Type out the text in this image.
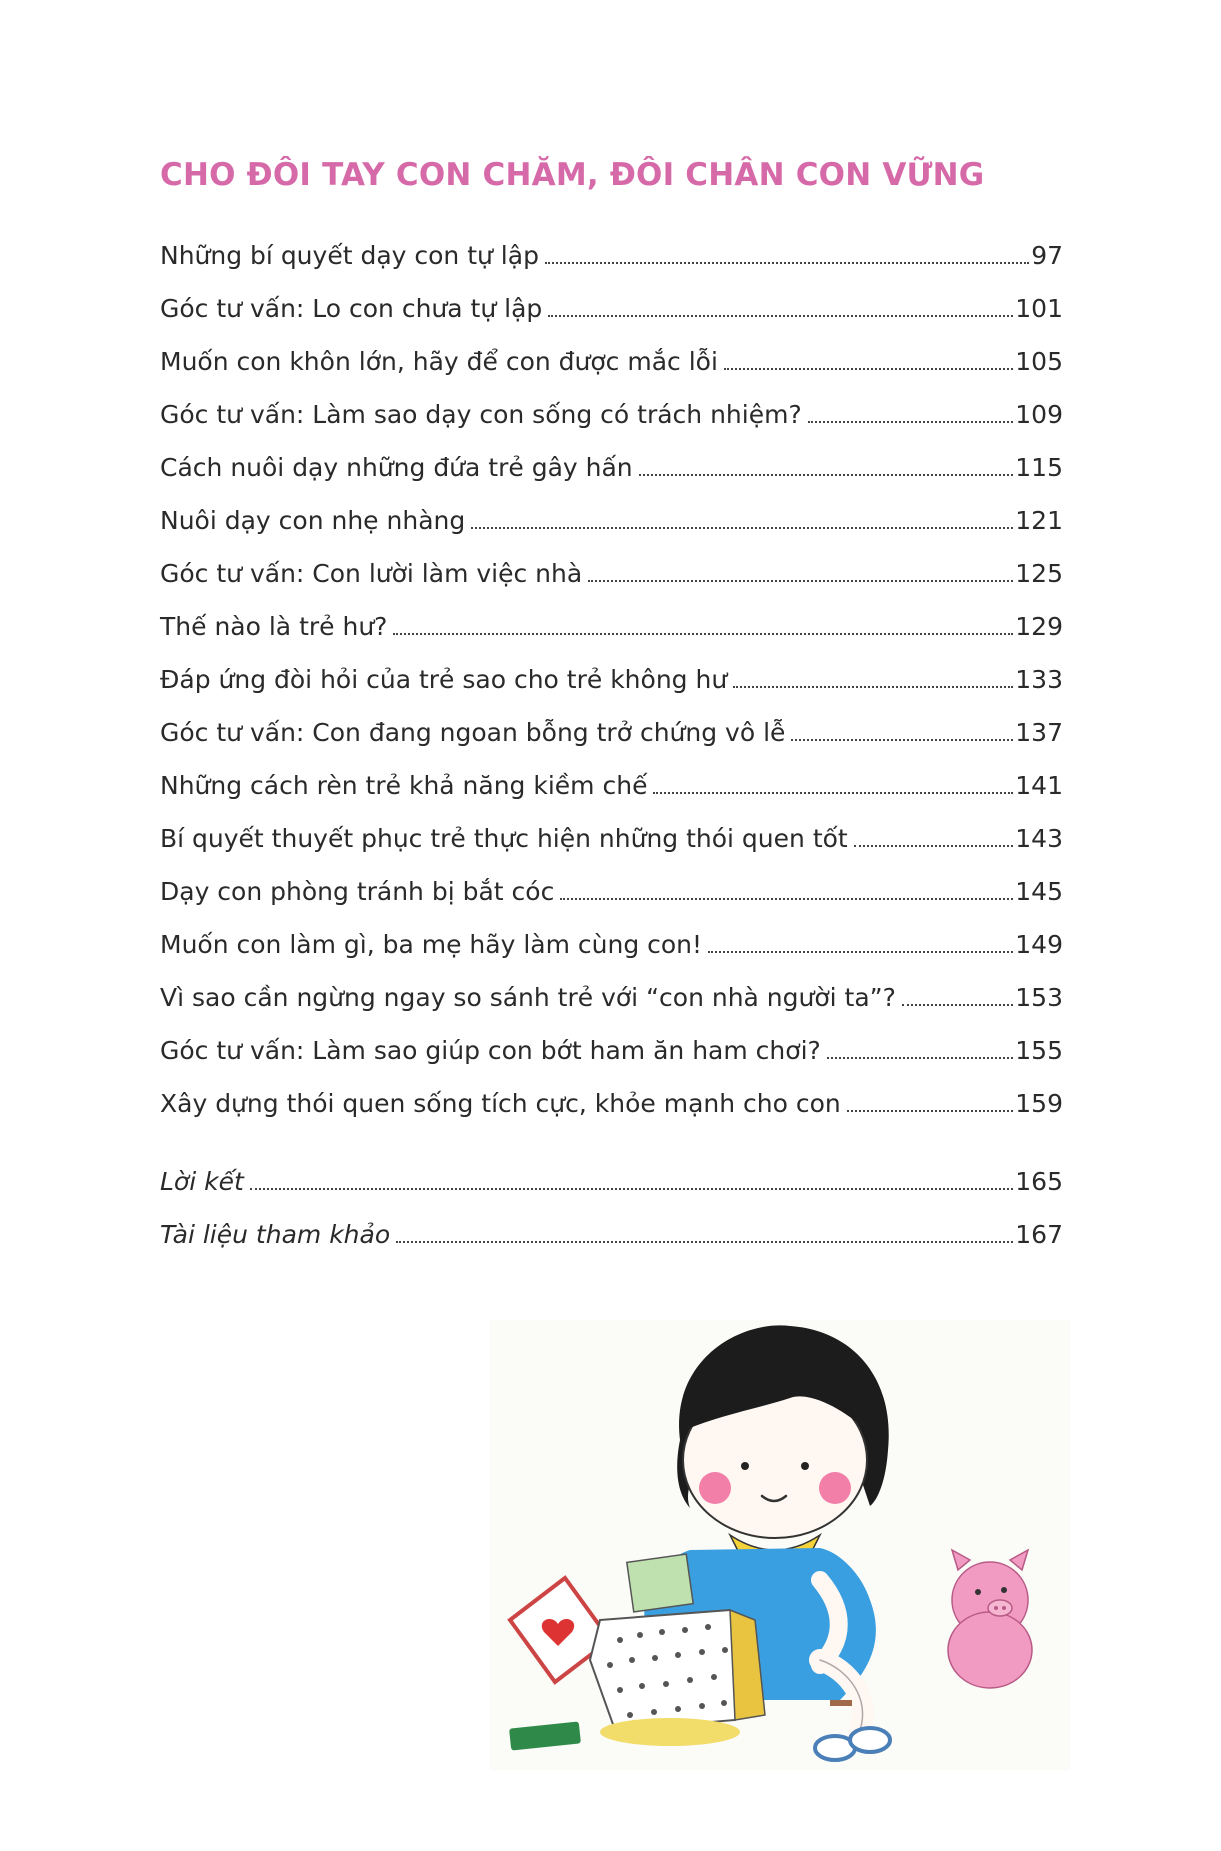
CHO ĐÔI TAY CON CHĂM, ĐÔI CHÂN CON VỮNG
Những bí quyết dạy con tự lập	97
Góc tư vấn: Lo con chưa tự lập	101
Muốn con khôn lớn, hãy để con được mắc lỗi	105
Góc tư vấn: Làm sao dạy con sống có trách nhiệm?	109
Cách nuôi dạy những đứa trẻ gây hấn	115
Nuôi dạy con nhẹ nhàng	121
Góc tư vấn: Con lười làm việc nhà	125
Thế nào là trẻ hư?	129
Đáp ứng đòi hỏi của trẻ sao cho trẻ không hư	133
Góc tư vấn: Con đang ngoan bỗng trở chứng vô lễ	137
Những cách rèn trẻ khả năng kiềm chế	141
Bí quyết thuyết phục trẻ thực hiện những thói quen tốt	143
Dạy con phòng tránh bị bắt cóc	145
Muốn con làm gì, ba mẹ hãy làm cùng con!	149
Vì sao cần ngừng ngay so sánh trẻ với “con nhà người ta”?	153
Góc tư vấn: Làm sao giúp con bớt ham ăn ham chơi?	155
Xây dựng thói quen sống tích cực, khỏe mạnh cho con	159
Lời kết	165
Tài liệu tham khảo	167
